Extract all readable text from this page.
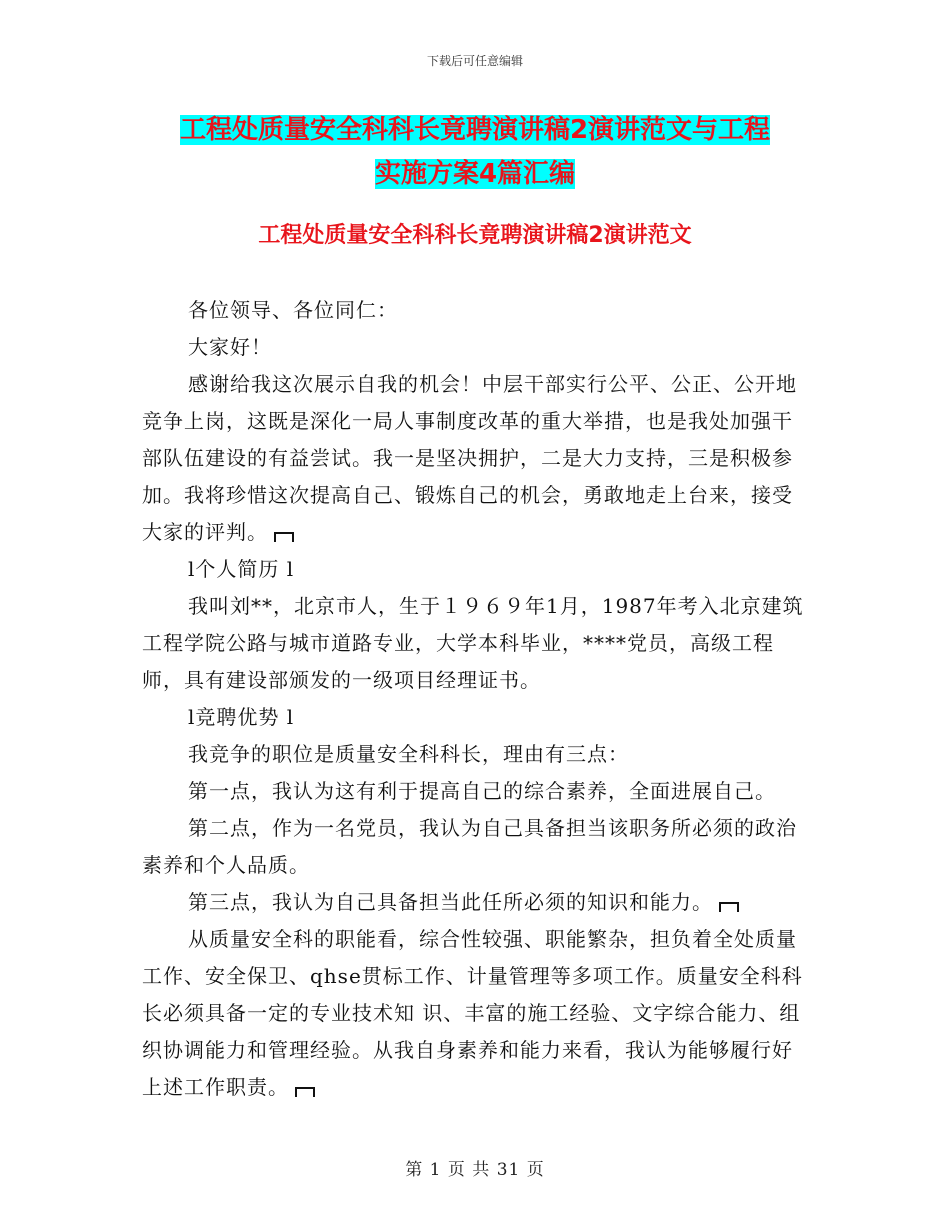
下载后可任意编辑
工程处质量安全科科长竟聘演讲稿2演讲范文与工程
实施方案4篇汇编
工程处质量安全科科长竟聘演讲稿2演讲范文

各位领导、各位同仁：

大家好！

感谢给我这次展示自我的机会！中层干部实行公平、公正、公开地竞争上岗，这既是深化一局人事制度改革的重大举措，也是我处加强干部队伍建设的有益尝试。我一是坚决拥护，二是大力支持，三是积极参加。我将珍惜这次提高自己、锻炼自己的机会，勇敢地走上台来，接受大家的评判。

l个人简历 l

我叫刘**，北京市人，生于１９６９年1月，1987年考入北京建筑工程学院公路与城市道路专业，大学本科毕业，****党员，高级工程师，具有建设部颁发的一级项目经理证书。

l竞聘优势 l

我竞争的职位是质量安全科科长，理由有三点：

第一点，我认为这有利于提高自己的综合素养，全面进展自己。

第二点，作为一名党员，我认为自己具备担当该职务所必须的政治素养和个人品质。

第三点，我认为自己具备担当此任所必须的知识和能力。

从质量安全科的职能看，综合性较强、职能繁杂，担负着全处质量工作、安全保卫、qhse贯标工作、计量管理等多项工作。质量安全科科长必须具备一定的专业技术知 识、丰富的施工经验、文字综合能力、组织协调能力和管理经验。从我自身素养和能力来看，我认为能够履行好上述工作职责。

第 1 页 共 31 页
